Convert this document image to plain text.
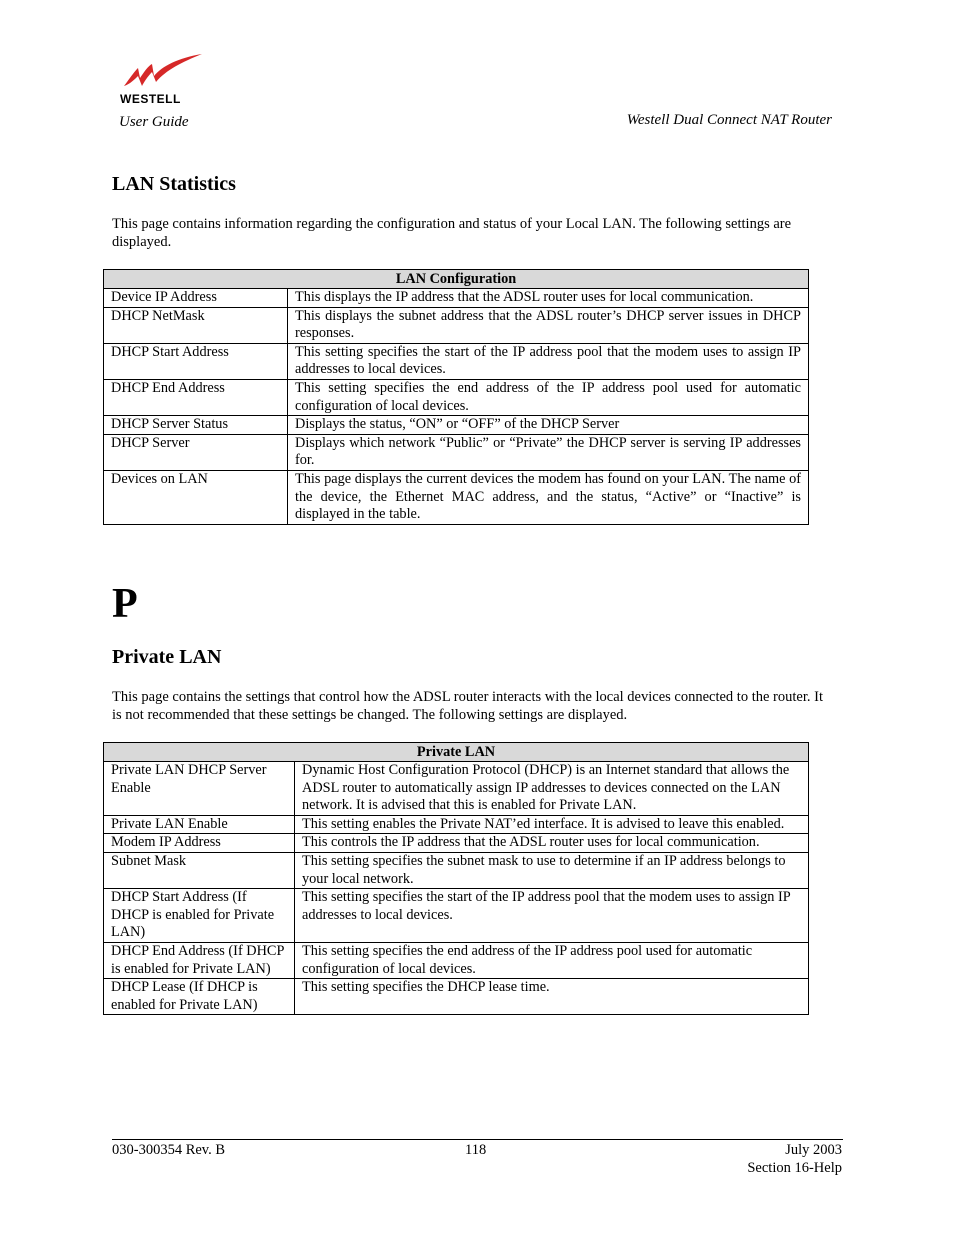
WESTELL
User Guide	Westell Dual Connect NAT Router
LAN Statistics
This page contains information regarding the configuration and status of your Local LAN. The following settings are displayed.
LAN Configuration	
Device IP Address	This displays the IP address that the ADSL router uses for local communication.
DHCP NetMask	This displays the subnet address that the ADSL router’s DHCP server issues in DHCP responses.
DHCP Start Address	This setting specifies the start of the IP address pool that the modem uses to assign IP addresses to local devices.
DHCP End Address	This setting specifies the end address of the IP address pool used for automatic configuration of local devices.
DHCP Server Status	Displays the status, “ON” or “OFF” of the DHCP Server
DHCP Server	Displays which network “Public” or “Private” the DHCP server is serving IP addresses for.
Devices on LAN	This page displays the current devices the modem has found on your LAN. The name of the device, the Ethernet MAC address, and the status, “Active” or “Inactive” is displayed in the table.
P
Private LAN
This page contains the settings that control how the ADSL router interacts with the local devices connected to the router. It is not recommended that these settings be changed. The following settings are displayed.
Private LAN	
Private LAN DHCP Server Enable	Dynamic Host Configuration Protocol (DHCP) is an Internet standard that allows the ADSL router to automatically assign IP addresses to devices connected on the LAN network. It is advised that this is enabled for Private LAN.
Private LAN Enable	This setting enables the Private NAT’ed interface. It is advised to leave this enabled.
Modem IP Address	This controls the IP address that the ADSL router uses for local communication.
Subnet Mask	This setting specifies the subnet mask to use to determine if an IP address belongs to your local network.
DHCP Start Address (If DHCP is enabled for Private LAN)	This setting specifies the start of the IP address pool that the modem uses to assign IP addresses to local devices.
DHCP End Address (If DHCP is enabled for Private LAN)	This setting specifies the end address of the IP address pool used for automatic configuration of local devices.
DHCP Lease (If DHCP is enabled for Private LAN)	This setting specifies the DHCP lease time.
030-300354 Rev. B	118	July 2003
Section 16-Help
